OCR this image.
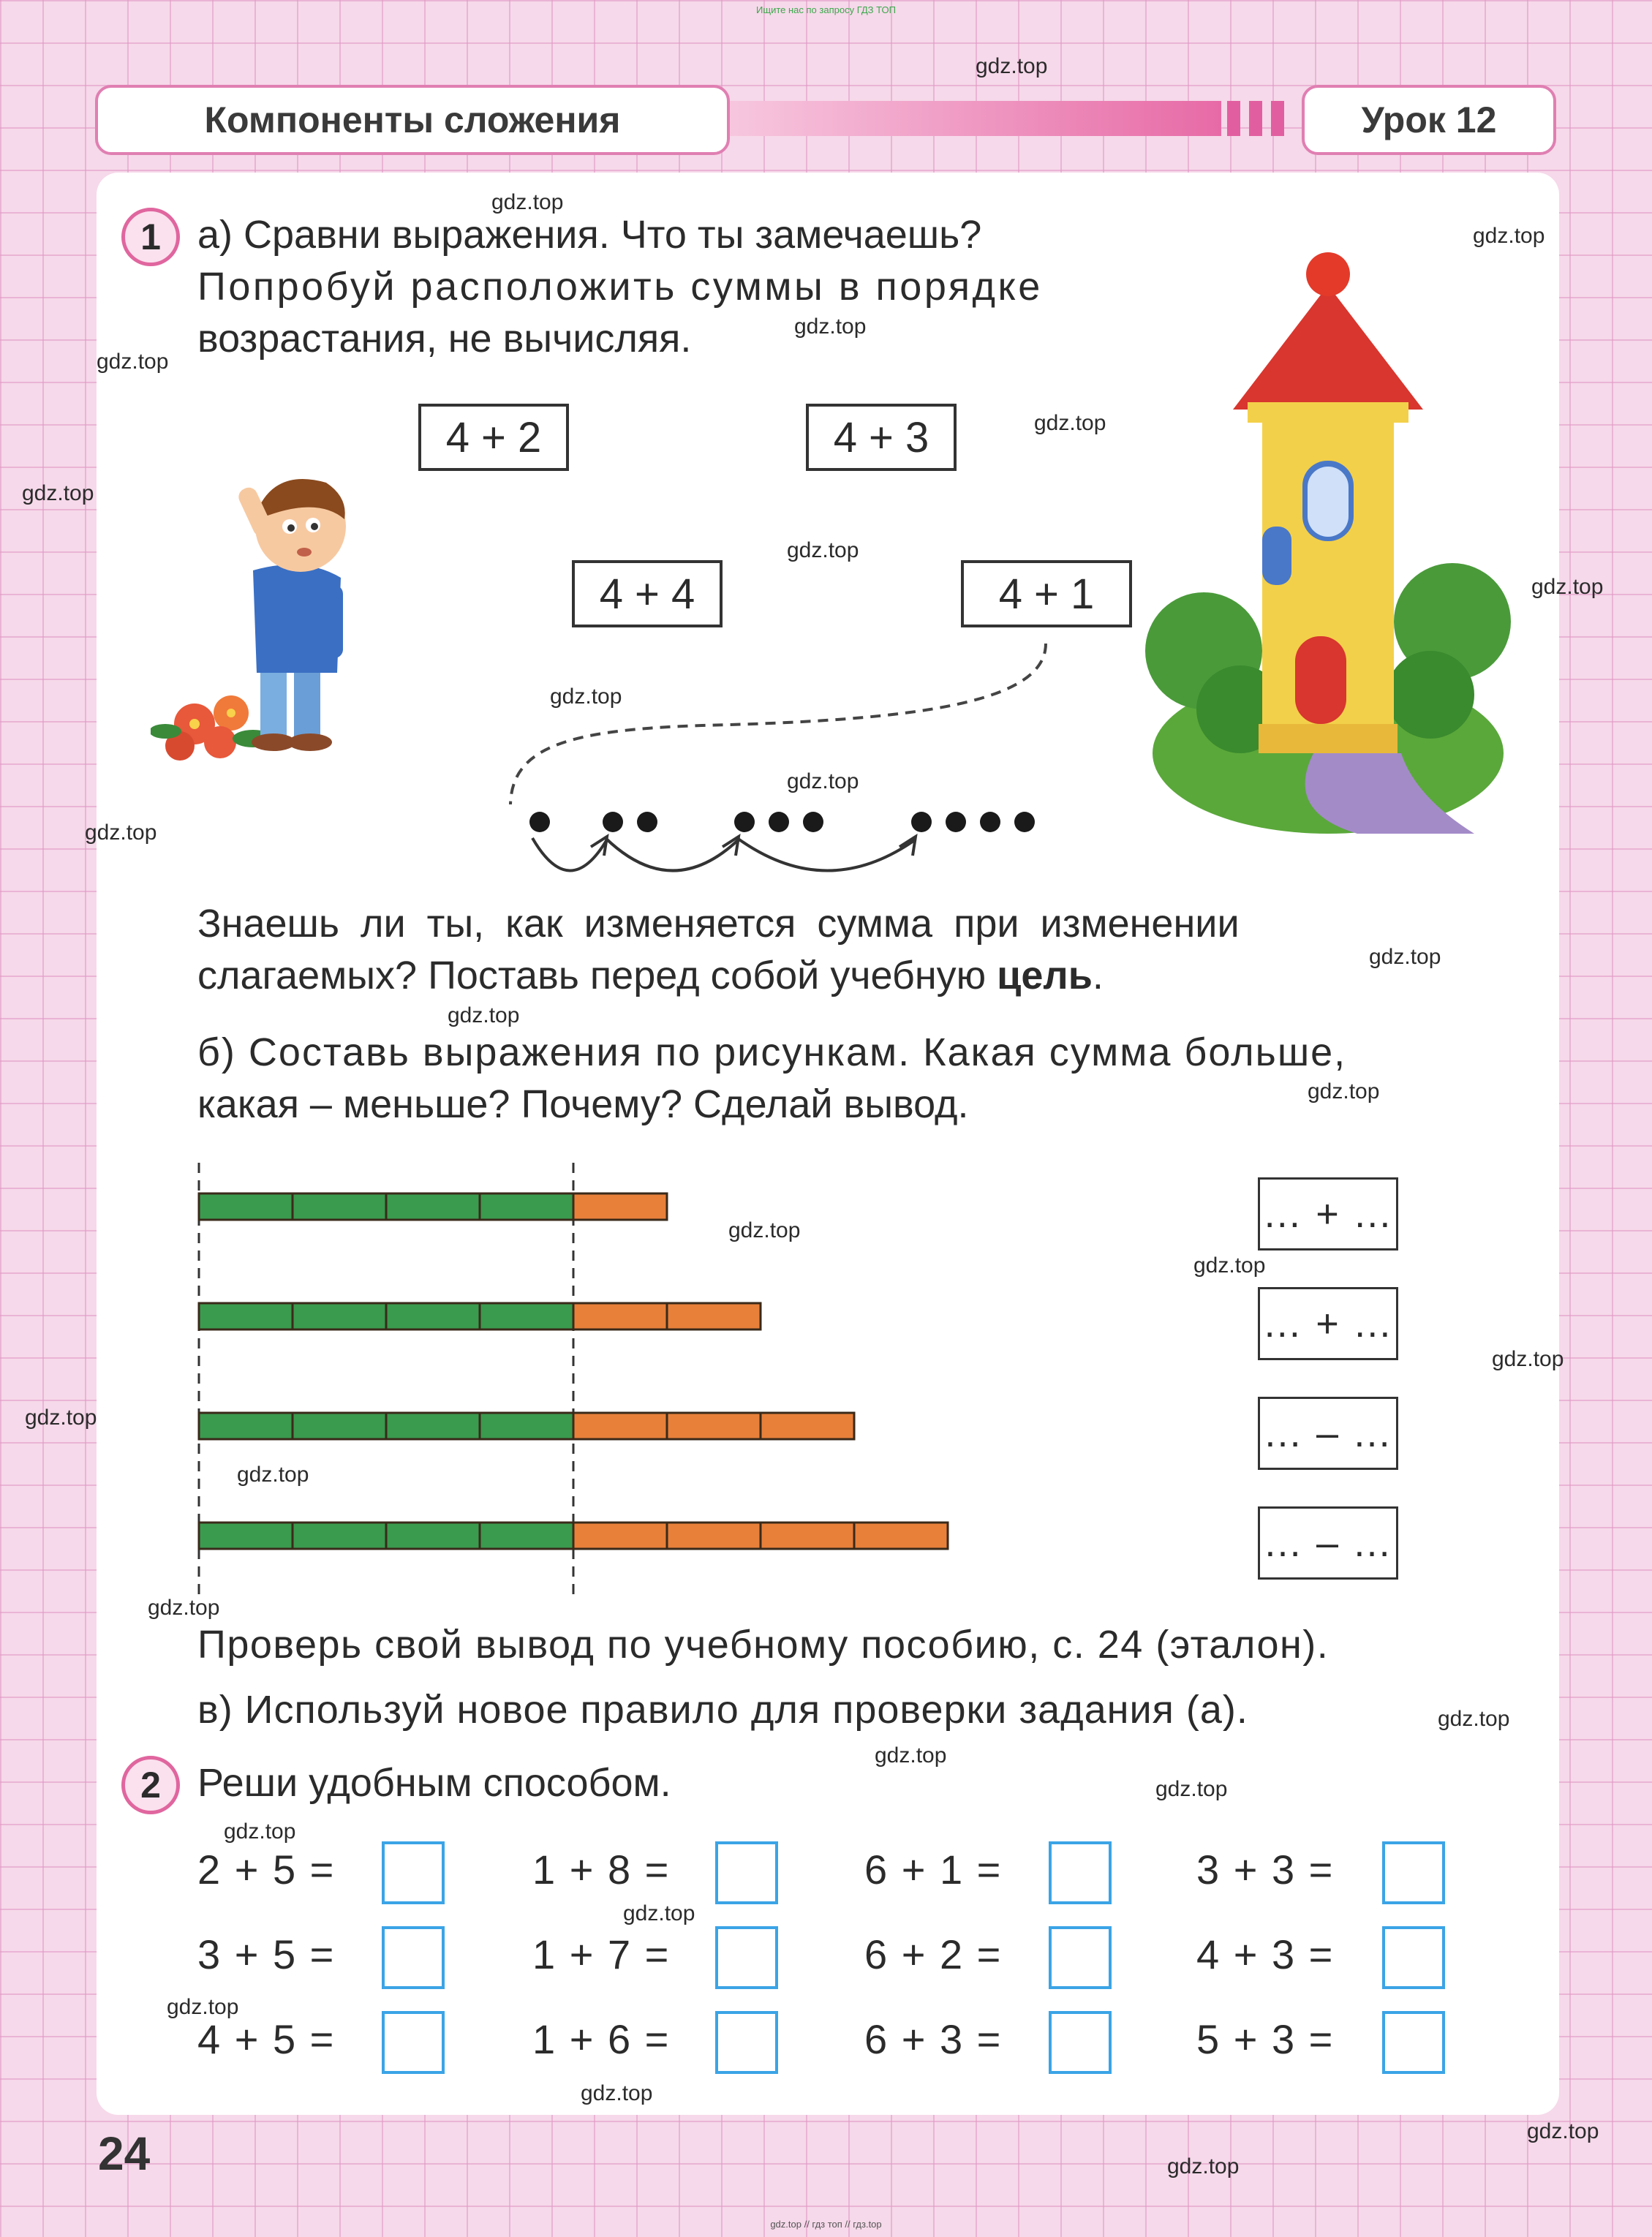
Ищите нас по запросу ГДЗ ТОП
gdz.top // гдз топ // гдз.top
Компоненты сложения	Урок 12
1 а) Сравни выражения. Что ты замечаешь?
Попробуй расположить суммы в порядке
возрастания, не вычисляя.
4 + 2	4 + 3
4 + 4	4 + 1
Знаешь ли ты, как изменяется сумма при изменении
слагаемых? Поставь перед собой учебную цель.
б) Составь выражения по рисункам. Какая сумма больше,
какая – меньше? Почему? Сделай вывод.
… + …
… + …
… – …
… – …
Проверь свой вывод по учебному пособию, с. 24 (эталон).
в) Используй новое правило для проверки задания (а).
2 Реши удобным способом.
2 + 5 =	1 + 8 =	6 + 1 =	3 + 3 =
3 + 5 =	1 + 7 =	6 + 2 =	4 + 3 =
4 + 5 =	1 + 6 =	6 + 3 =	5 + 3 =
24
gdz.top
gdz.top
gdz.top
gdz.top
gdz.top
gdz.top
gdz.top
gdz.top
gdz.top
gdz.top
gdz.top
gdz.top
gdz.top
gdz.top
gdz.top
gdz.top
gdz.top
gdz.top
gdz.top
gdz.top
gdz.top
gdz.top
gdz.top
gdz.top
gdz.top
gdz.top
gdz.top
gdz.top
gdz.top
gdz.top
